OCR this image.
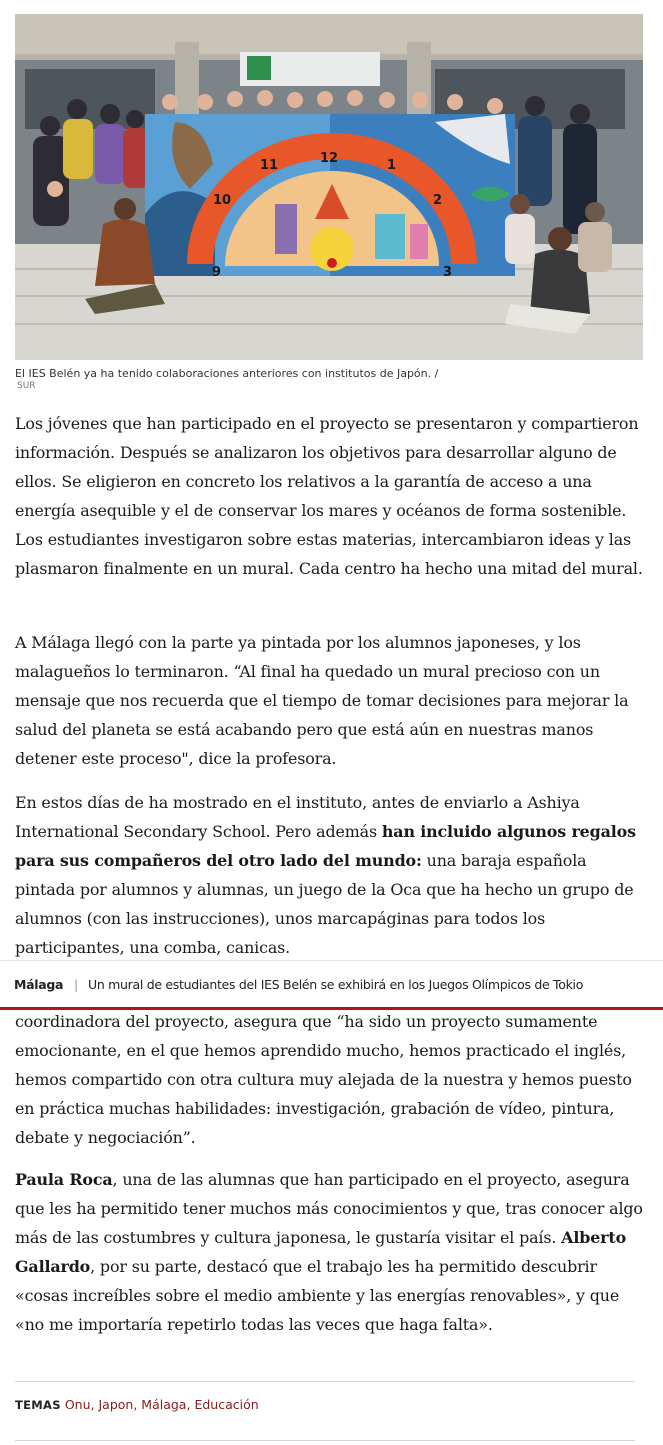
9
10
11	12	1
2
3
El IES Belén ya ha tenido colaboraciones anteriores con institutos de Japón. /
SUR

Los jóvenes que han participado en el proyecto se presentaron y compartieron información. Después se analizaron los objetivos para desarrollar alguno de ellos. Se eligieron en concreto los relativos a la garantía de acceso a una energía asequible y el de conservar los mares y océanos de forma sostenible. Los estudiantes investigaron sobre estas materias, intercambiaron ideas y las plasmaron finalmente en un mural. Cada centro ha hecho una mitad del mural.

A Málaga llegó con la parte ya pintada por los alumnos japoneses, y los malagueños lo terminaron. “Al final ha quedado un mural precioso con un mensaje que nos recuerda que el tiempo de tomar decisiones para mejorar la salud del planeta se está acabando pero que está aún en nuestras manos detener este proceso", dice la profesora.

En estos días de ha mostrado en el instituto, antes de enviarlo a Ashiya International Secondary School. Pero además han incluido algunos regalos para sus compañeros del otro lado del mundo: una baraja española pintada por alumnos y alumnas, un juego de la Oca que ha hecho un grupo de alumnos (con las instrucciones), unos marcapáginas para todos los participantes, una comba, canicas.

Málaga | Un mural de estudiantes del IES Belén se exhibirá en los Juegos Olímpicos de Tokio

coordinadora del proyecto, asegura que “ha sido un proyecto sumamente emocionante, en el que hemos aprendido mucho, hemos practicado el inglés, hemos compartido con otra cultura muy alejada de la nuestra y hemos puesto en práctica muchas habilidades: investigación, grabación de vídeo, pintura, debate y negociación”.

Paula Roca, una de las alumnas que han participado en el proyecto, asegura que les ha permitido tener muchos más conocimientos y que, tras conocer algo más de las costumbres y cultura japonesa, le gustaría visitar el país. Alberto Gallardo, por su parte, destacó que el trabajo les ha permitido descubrir «cosas increíbles sobre el medio ambiente y las energías renovables», y que «no me importaría repetirlo todas las veces que haga falta».

TEMAS Onu, Japon, Málaga, Educación
